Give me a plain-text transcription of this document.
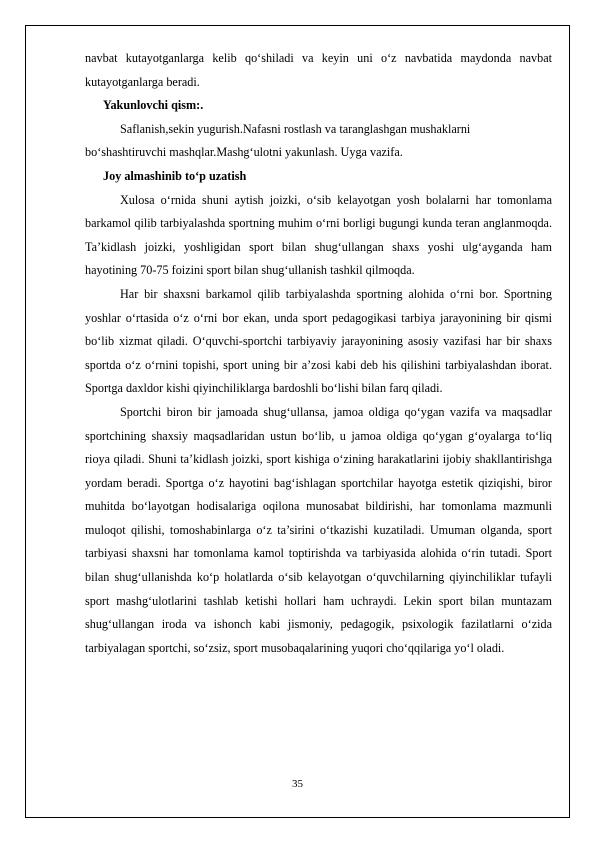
navbat kutayotganlarga kelib qo‘shiladi va keyin uni o‘z navbatida maydonda navbat kutayotganlarga beradi.

Yakunlovchi qism:.

Saflanish,sekin yugurish.Nafasni rostlash va taranglashgan mushaklarni

bo‘shashtiruvchi mashqlar.Mashg‘ulotni yakunlash. Uyga vazifa.

Joy almashinib to‘p uzatish

Xulosa o‘rnida shuni aytish joizki, o‘sib kelayotgan yosh bolalarni har tomonlama barkamol qilib tarbiyalashda sportning muhim o‘rni borligi bugungi kunda teran anglanmoqda. Ta’kidlash joizki, yoshligidan sport bilan shug‘ullangan shaxs yoshi ulg‘ayganda ham hayotining 70-75 foizini sport bilan shug‘ullanish tashkil qilmoqda.

Har bir shaxsni barkamol qilib tarbiyalashda sportning alohida o‘rni bor. Sportning yoshlar o‘rtasida o‘z o‘rni bor ekan, unda sport pedagogikasi tarbiya jarayonining bir qismi bo‘lib xizmat qiladi. O‘quvchi-sportchi tarbiyaviy jarayonining asosiy vazifasi har bir shaxs sportda o‘z o‘rnini topishi, sport uning bir a’zosi kabi deb his qilishini tarbiyalashdan iborat. Sportga daxldor kishi qiyinchiliklarga bardoshli bo‘lishi bilan farq qiladi.

Sportchi biron bir jamoada shug‘ullansa, jamoa oldiga qo‘ygan vazifa va maqsadlar sportchining shaxsiy maqsadlaridan ustun bo‘lib, u jamoa oldiga qo‘ygan g‘oyalarga to‘liq rioya qiladi. Shuni ta’kidlash joizki, sport kishiga o‘zining harakatlarini ijobiy shakllantirishga yordam beradi. Sportga o‘z hayotini bag‘ishlagan sportchilar hayotga estetik qiziqishi, biror muhitda bo‘layotgan hodisalariga oqilona munosabat bildirishi, har tomonlama mazmunli muloqot qilishi, tomoshabinlarga o‘z ta’sirini o‘tkazishi kuzatiladi. Umuman olganda, sport tarbiyasi shaxsni har tomonlama kamol toptirishda va tarbiyasida alohida o‘rin tutadi. Sport bilan shug‘ullanishda ko‘p holatlarda o‘sib kelayotgan o‘quvchilarning qiyinchiliklar tufayli sport mashg‘ulotlarini tashlab ketishi hollari ham uchraydi. Lekin sport bilan muntazam shug‘ullangan iroda va ishonch kabi jismoniy, pedagogik, psixologik fazilatlarni o‘zida tarbiyalagan sportchi, so‘zsiz, sport musobaqalarining yuqori cho‘qqilariga yo‘l oladi.

35
